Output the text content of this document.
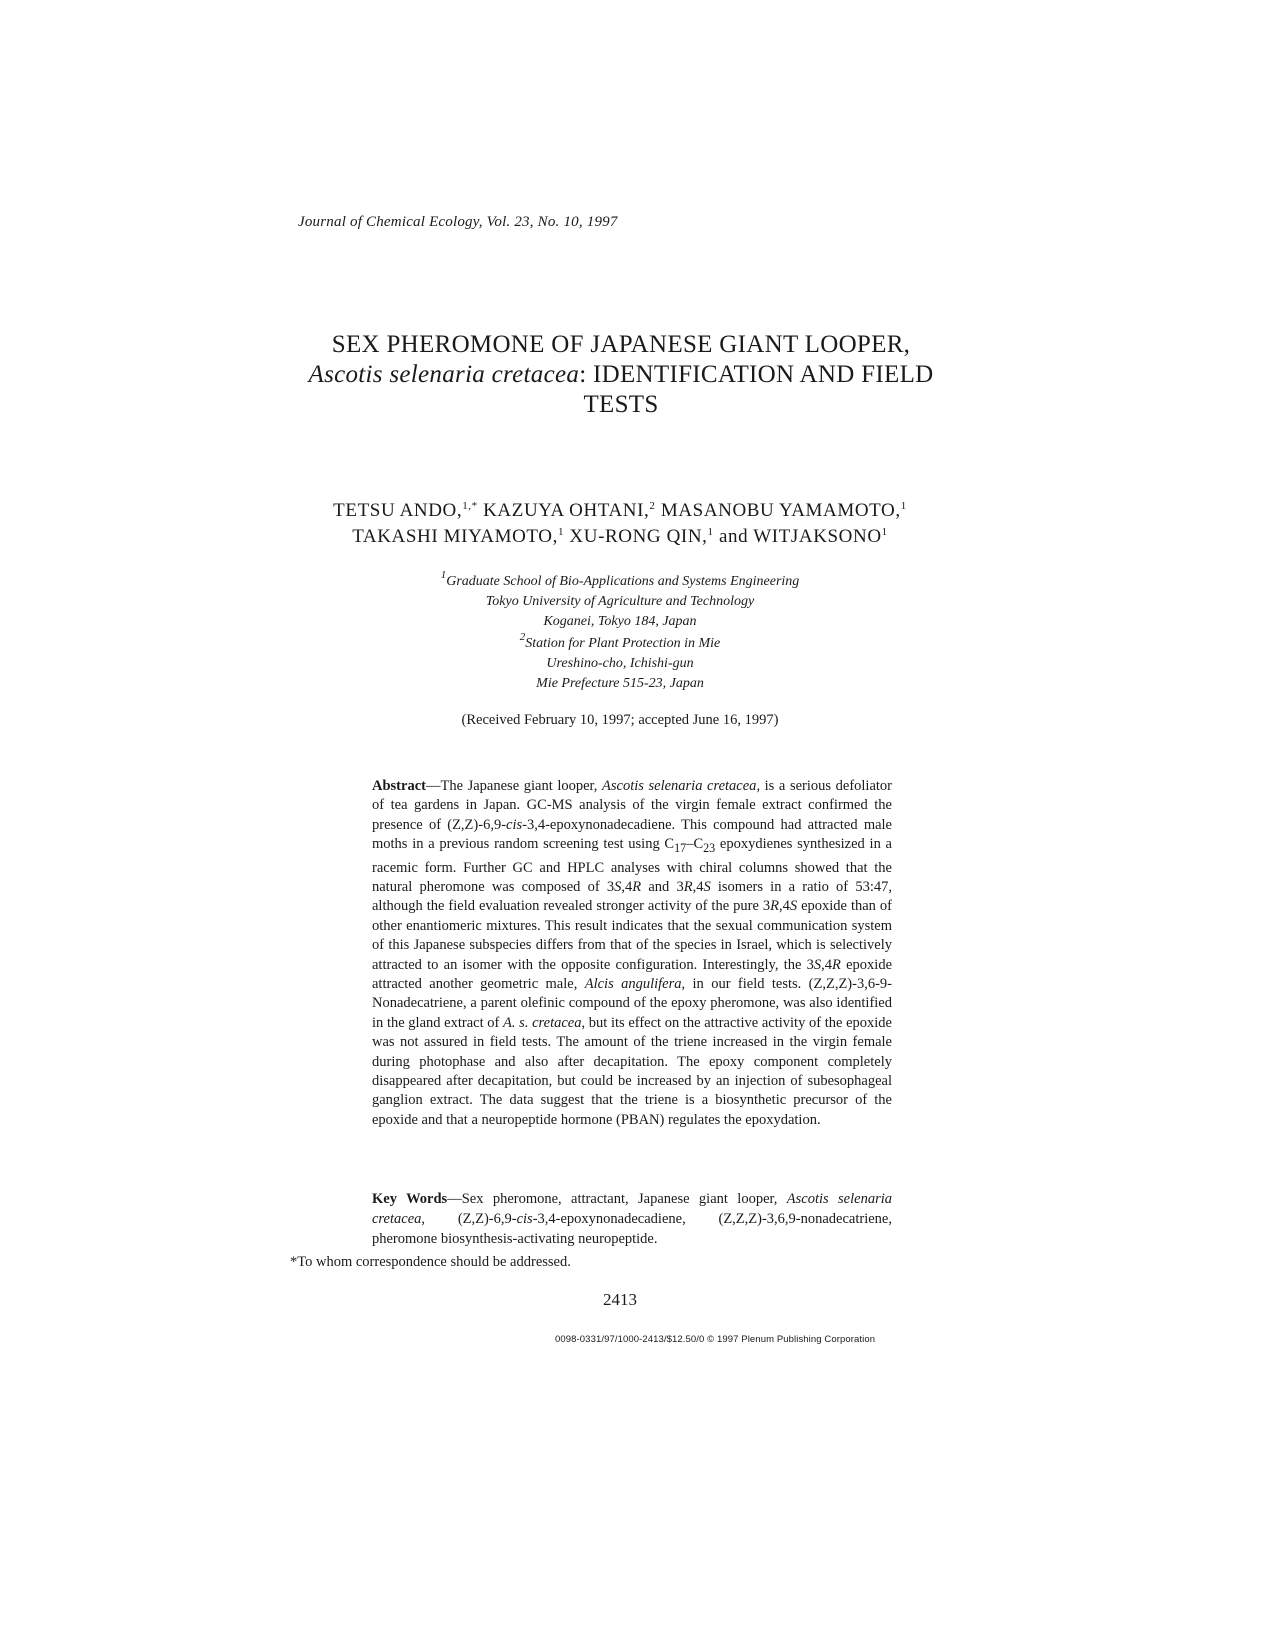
Journal of Chemical Ecology, Vol. 23, No. 10, 1997
SEX PHEROMONE OF JAPANESE GIANT LOOPER,
Ascotis selenaria cretacea: IDENTIFICATION AND FIELD
TESTS
TETSU ANDO,$^{1,*}$ KAZUYA OHTANI,$^2$ MASANOBU YAMAMOTO,$^1$
TAKASHI MIYAMOTO,$^1$ XU-RONG QIN,$^1$ and WITJAKSONO$^1$
$^1$Graduate School of Bio-Applications and Systems Engineering
Tokyo University of Agriculture and Technology
Koganei, Tokyo 184, Japan
$^2$Station for Plant Protection in Mie
Ureshino-cho, Ichishi-gun
Mie Prefecture 515-23, Japan
(Received February 10, 1997; accepted June 16, 1997)
Abstract—The Japanese giant looper, Ascotis selenaria cretacea, is a serious defoliator of tea gardens in Japan. GC-MS analysis of the virgin female extract confirmed the presence of (Z,Z)-6,9-cis-3,4-epoxynonadecadiene. This compound had attracted male moths in a previous random screening test using $C_{17}-C_{23}$ epoxydienes synthesized in a racemic form. Further GC and HPLC analyses with chiral columns showed that the natural pheromone was composed of 3S,4R and 3R,4S isomers in a ratio of 53:47, although the field evaluation revealed stronger activity of the pure 3R,4S epoxide than of other enantiomeric mixtures. This result indicates that the sexual communication system of this Japanese subspecies differs from that of the species in Israel, which is selectively attracted to an isomer with the opposite configuration. Interestingly, the 3S,4R epoxide attracted another geometric male, Alcis angulifera, in our field tests. (Z,Z,Z)-3,6-9-Nonadecatriene, a parent olefinic compound of the epoxy pheromone, was also identified in the gland extract of A. s. cretacea, but its effect on the attractive activity of the epoxide was not assured in field tests. The amount of the triene increased in the virgin female during photophase and also after decapitation. The epoxy component completely disappeared after decapitation, but could be increased by an injection of subesophageal ganglion extract. The data suggest that the triene is a biosynthetic precursor of the epoxide and that a neuropeptide hormone (PBAN) regulates the epoxydation.
Key Words—Sex pheromone, attractant, Japanese giant looper, Ascotis selenaria cretacea, (Z,Z)-6,9-cis-3,4-epoxynonadecadiene, (Z,Z,Z)-3,6,9-nonadecatriene, pheromone biosynthesis-activating neuropeptide.
*To whom correspondence should be addressed.
2413
0098-0331/97/1000-2413/$12.50/0 © 1997 Plenum Publishing Corporation
